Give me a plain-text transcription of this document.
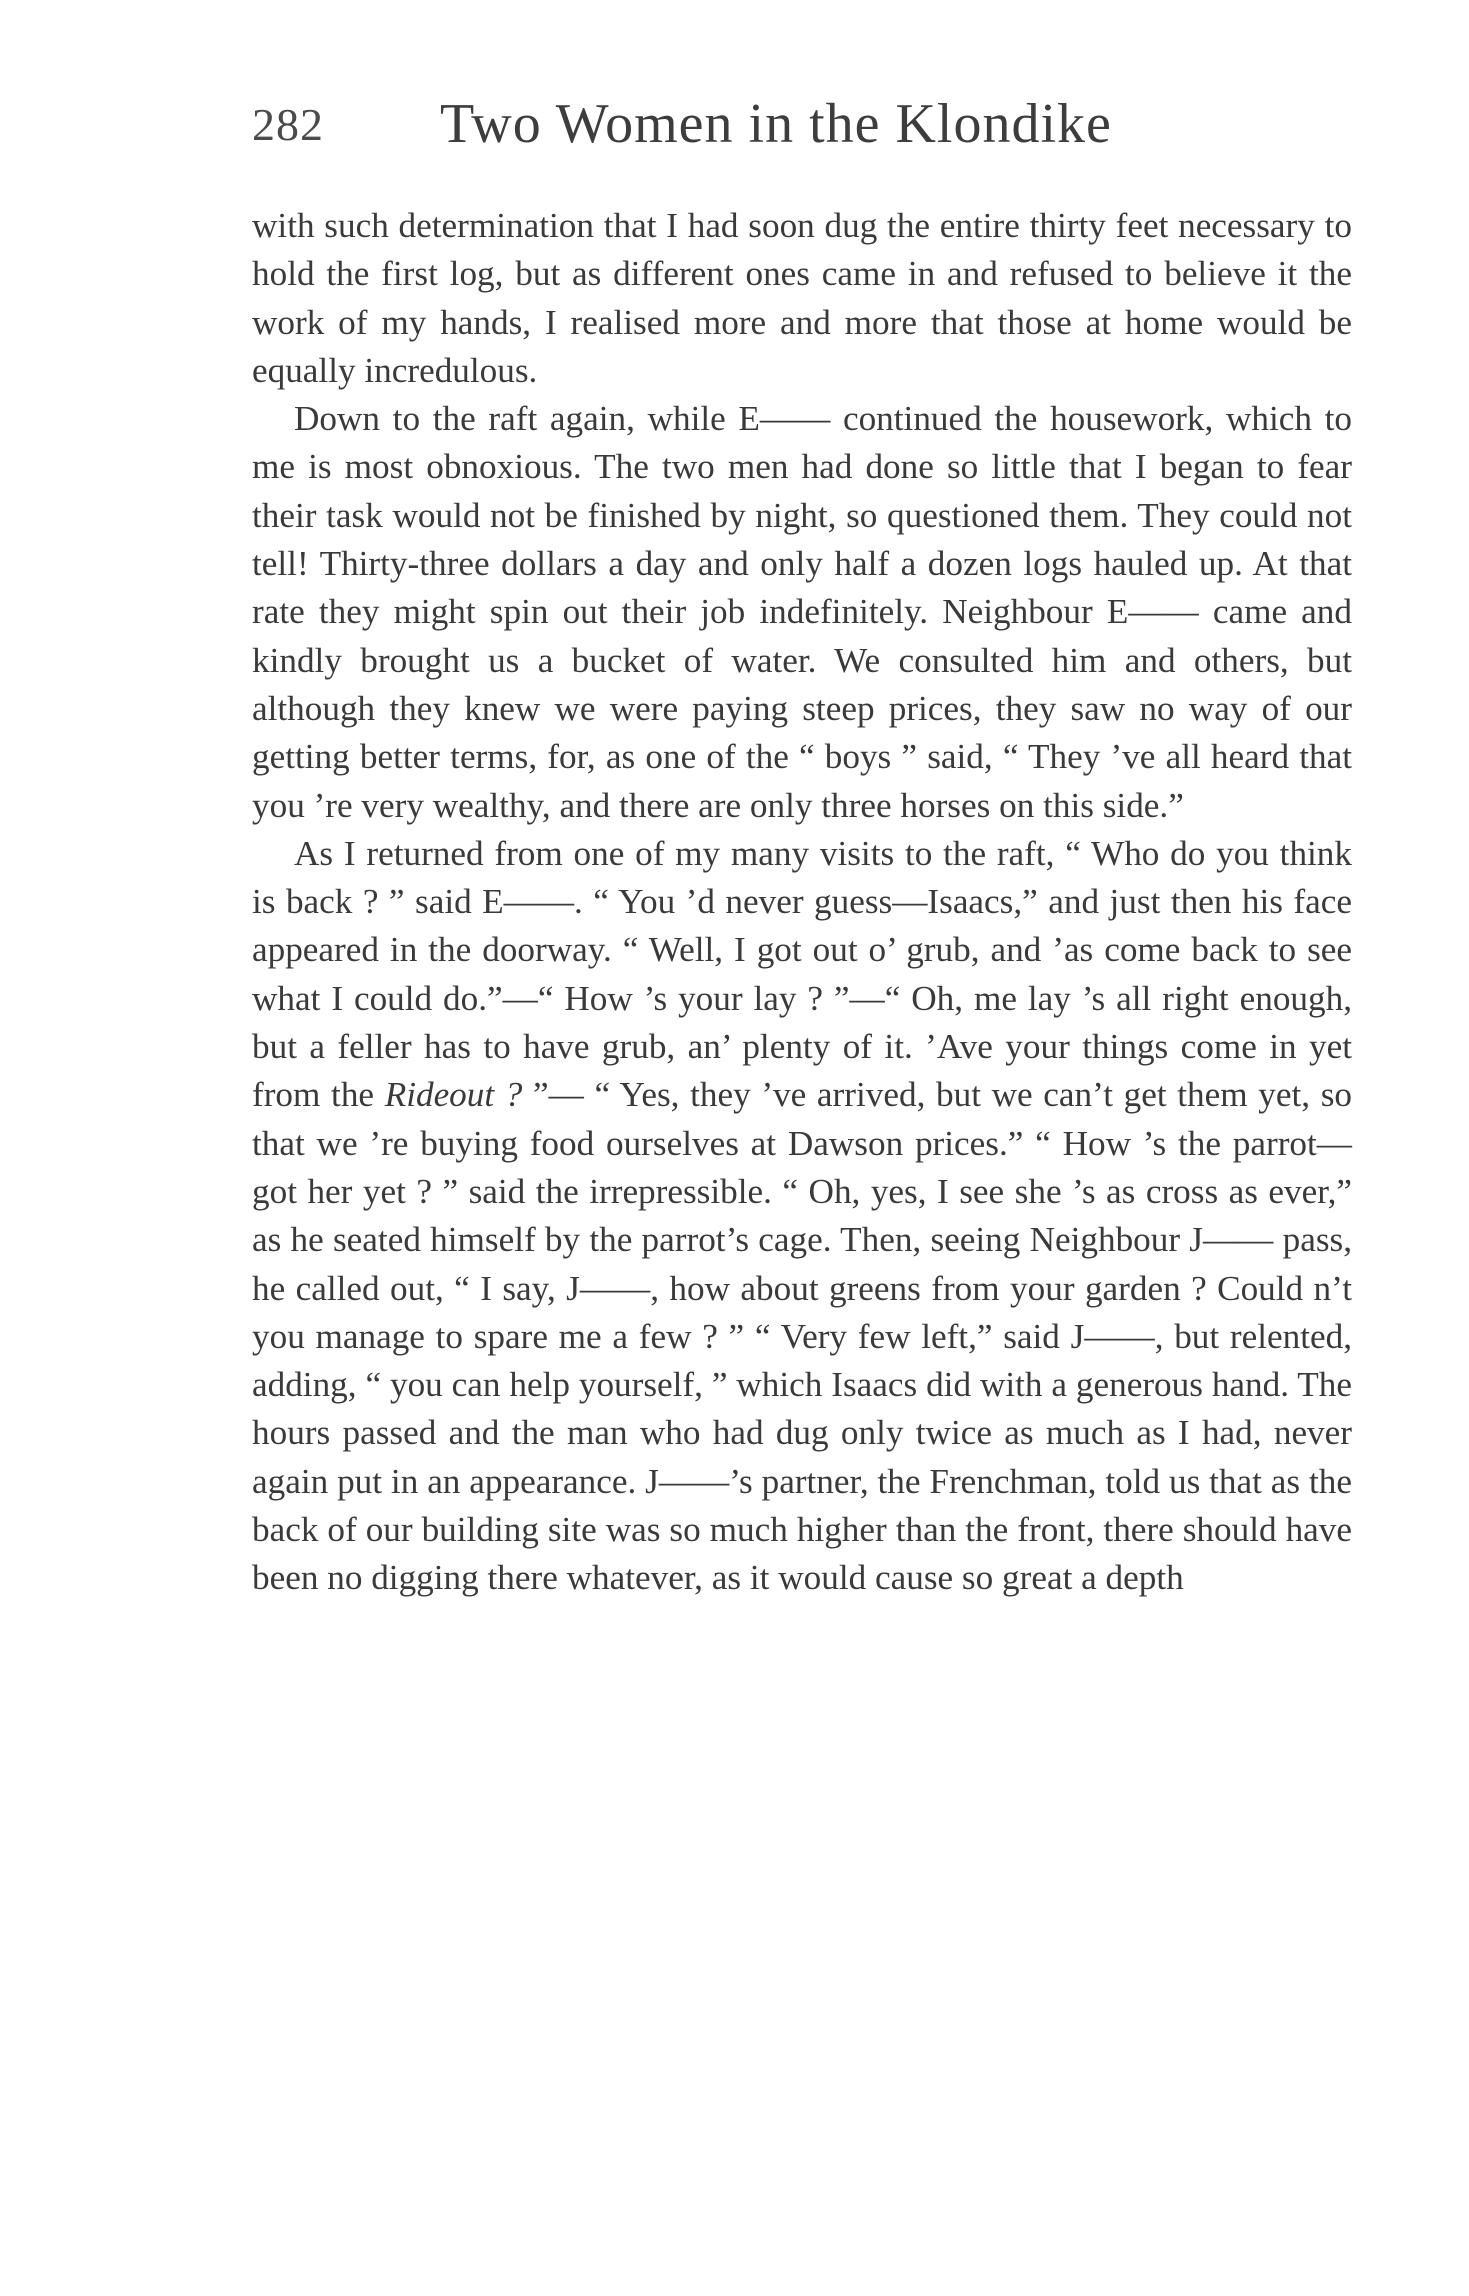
282 Two Women in the Klondike

with such determination that I had soon dug the entire thirty feet necessary to hold the first log, but as different ones came in and refused to believe it the work of my hands, I realised more and more that those at home would be equally incredulous.

Down to the raft again, while E—— continued the housework, which to me is most obnoxious. The two men had done so little that I began to fear their task would not be finished by night, so questioned them. They could not tell! Thirty-three dollars a day and only half a dozen logs hauled up. At that rate they might spin out their job indefinitely. Neighbour E—— came and kindly brought us a bucket of water. We consulted him and others, but although they knew we were paying steep prices, they saw no way of our getting better terms, for, as one of the “ boys ” said, “ They ’ve all heard that you ’re very wealthy, and there are only three horses on this side.”

As I returned from one of my many visits to the raft, “ Who do you think is back ? ” said E——. “ You ’d never guess—Isaacs,” and just then his face appeared in the doorway. “ Well, I got out o’ grub, and ’as come back to see what I could do.”—“ How ’s your lay ? ”—“ Oh, me lay ’s all right enough, but a feller has to have grub, an’ plenty of it. ’Ave your things come in yet from the Rideout ? ”— “ Yes, they ’ve arrived, but we can’t get them yet, so that we ’re buying food ourselves at Dawson prices.” “ How ’s the parrot—got her yet ? ” said the irrepressible. “ Oh, yes, I see she ’s as cross as ever,” as he seated himself by the parrot’s cage. Then, seeing Neighbour J—— pass, he called out, “ I say, J——, how about greens from your garden ? Could n’t you manage to spare me a few ? ” “ Very few left,” said J——, but relented, adding, “ you can help yourself, ” which Isaacs did with a generous hand. The hours passed and the man who had dug only twice as much as I had, never again put in an appearance. J——’s partner, the Frenchman, told us that as the back of our building site was so much higher than the front, there should have been no digging there whatever, as it would cause so great a depth
